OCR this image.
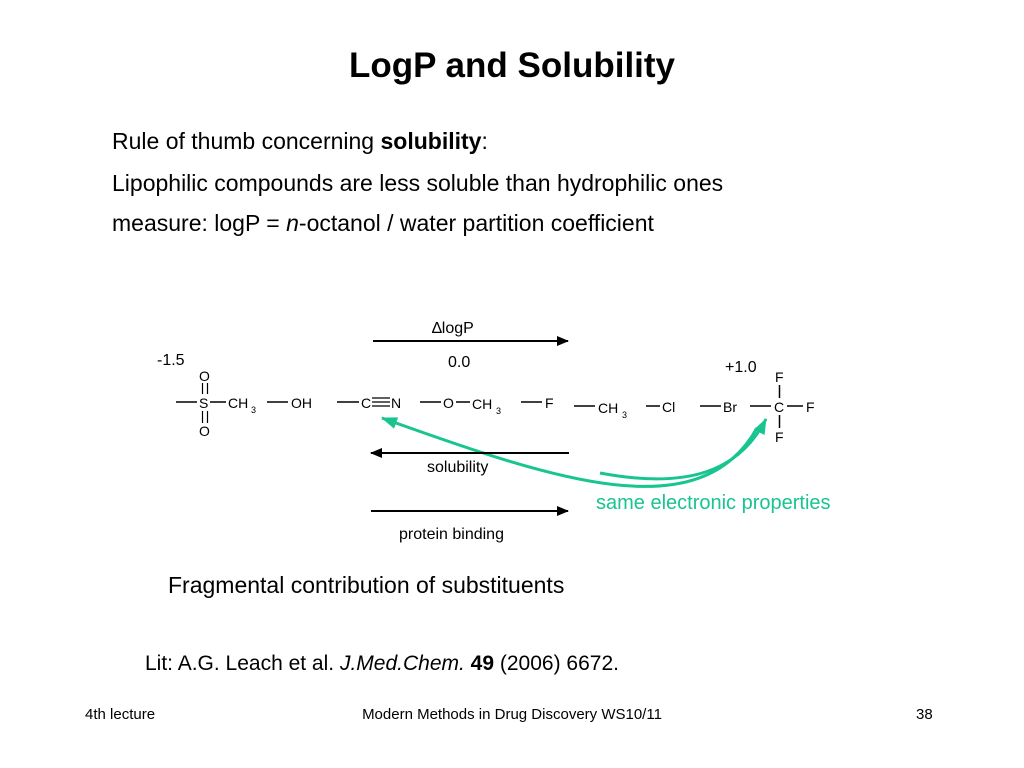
LogP and Solubility
Rule of thumb concerning solubility:
Lipophilic compounds are less soluble than hydrophilic ones
measure: logP = n-octanol / water partition coefficient
∆logP
0.0
-1.5	+1.0
S
O
O
CH 3 OH	C N	O CH 3	F	CH 3 Cl	Br	C
F
F
F
same electronic properties
solubility
protein binding
Fragmental contribution of substituents
Lit: A.G. Leach et al. J.Med.Chem. 49 (2006) 6672.
4th lecture	Modern Methods in Drug Discovery WS10/11	38
